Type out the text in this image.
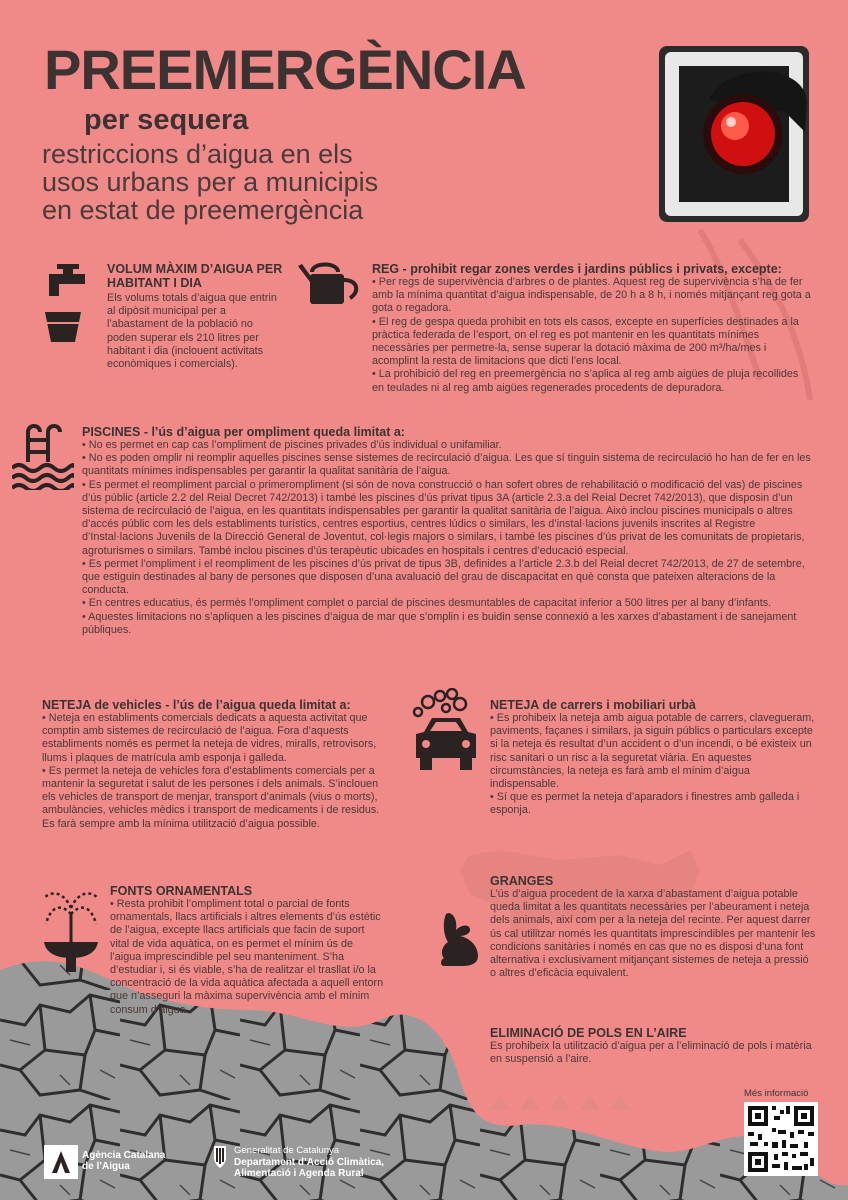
PREEMERGÈNCIA
per sequera
restriccions d’aigua en els
usos urbans per a municipis
en estat de preemergència
VOLUM MÀXIM D’AIGUA PER HABITANT I DIA
Els volums totals d’aigua que entrin al dipòsit municipal per a l’abastament de la població no poden superar els 210 litres per habitant i dia (inclouent activitats econòmiques i comercials).
REG - prohibit regar zones verdes i jardins públics i privats, excepte:

• Per regs de supervivència d’arbres o de plantes. Aquest reg de supervivència s’ha de fer amb la mínima quantitat d’aigua indispensable, de 20 h a 8 h, i només mitjançant reg gota a gota o regadora.

• El reg de gespa queda prohibit en tots els casos, excepte en superfícies destinades a la pràctica federada de l’esport, on el reg es pot mantenir en les quantitats mínimes necessàries per permetre-la, sense superar la dotació màxima de 200 m³/ha/mes i acomplint la resta de limitacions que dicti l’ens local.

• La prohibició del reg en preemergència no s’aplica al reg amb aigües de pluja recollides en teulades ni al reg amb aigües regenerades procedents de depuradora.

PISCINES - l’ús d’aigua per ompliment queda limitat a:

• No es permet en cap cas l’ompliment de piscines privades d’ús individual o unifamiliar.

• No es poden omplir ni reomplir aquelles piscines sense sistemes de recirculació d’aigua. Les que sí tinguin sistema de recirculació ho han de fer en les quantitats mínimes indispensables per garantir la qualitat sanitària de l’aigua.

• Es permet el reompliment parcial o primerompliment (si són de nova construcció o han sofert obres de rehabilitació o modificació del vas) de piscines d’ús públic (article 2.2 del Reial Decret 742/2013) i també les piscines d’ús privat tipus 3A (article 2.3.a del Reial Decret 742/2013), que disposin d’un sistema de recirculació de l’aigua, en les quantitats indispensables per garantir la qualitat sanitària de l’aigua. Això inclou piscines municipals o altres d’accés públic com les dels establiments turístics, centres esportius, centres lúdics o similars, les d’instal·lacions juvenils inscrites al Registre d’Instal·lacions Juvenils de la Direcció General de Joventut, col·legis majors o similars, i també les piscines d’ús privat de les comunitats de propietaris, agroturismes o similars. També inclou piscines d’ús terapèutic ubicades en hospitals i centres d’educació especial.

• Es permet l’ompliment i el reompliment de les piscines d’ús privat de tipus 3B, definides a l’article 2.3.b del Reial decret 742/2013, de 27 de setembre, que estiguin destinades al bany de persones que disposen d’una avaluació del grau de discapacitat en què consta que pateixen alteracions de la conducta.

• En centres educatius, és permès l’ompliment complet o parcial de piscines desmuntables de capacitat inferior a 500 litres per al bany d’infants.

• Aquestes limitacions no s’apliquen a les piscines d’aigua de mar que s’omplin i es buidin sense connexió a les xarxes d’abastament i de sanejament públiques.

NETEJA de vehicles - l’ús de l’aigua queda limitat a:

• Neteja en establiments comercials dedicats a aquesta activitat que comptin amb sistemes de recirculació de l’aigua. Fora d’aquests establiments només es permet la neteja de vidres, miralls, retrovisors, llums i plaques de matrícula amb esponja i galleda.

• Es permet la neteja de vehicles fora d’establiments comercials per a mantenir la seguretat i salut de les persones i dels animals. S’inclouen els vehicles de transport de menjar, transport d’animals (vius o morts), ambulàncies, vehicles mèdics i transport de medicaments i de residus. Es farà sempre amb la mínima utilització d’aigua possible.

NETEJA de carrers i mobiliari urbà

• Es prohibeix la neteja amb aigua potable de carrers, clavegueram, paviments, façanes i similars, ja siguin públics o particulars excepte si la neteja és resultat d’un accident o d’un incendi, o bé existeix un risc sanitari o un risc a la seguretat viària. En aquestes circumstàncies, la neteja es farà amb el mínim d’aigua indispensable.

• Sí que es permet la neteja d’aparadors i finestres amb galleda i esponja.

FONTS ORNAMENTALS
• Resta prohibit l’ompliment total o parcial de fonts ornamentals, llacs artificials i altres elements d’ús estètic de l’aigua, excepte llacs artificials que facin de suport vital de vida aquàtica, on es permet el mínim ús de l’aigua imprescindible pel seu manteniment. S’ha d’estudiar i, si és viable, s’ha de realitzar el trasllat i/o la concentració de la vida aquàtica afectada a aquell entorn que n’asseguri la màxima supervivència amb el mínim consum d’aigua.
GRANGES
L’ús d’aigua procedent de la xarxa d’abastament d’aigua potable queda limitat a les quantitats necessàries per l’abeurament i neteja dels animals, així com per a la neteja del recinte. Per aquest darrer ús cal utilitzar només les quantitats imprescindibles per mantenir les condicions sanitàries i només en cas que no es disposi d’una font alternativa i exclusivament mitjançant sistemes de neteja a pressió o altres d’eficàcia equivalent.
ELIMINACIÓ DE POLS EN L’AIRE
Es prohibeix la utilització d’aigua per a l’eliminació de pols i matèria en suspensió a l’aire.
Més informació
Agència Catalana
de l’Aigua
Generalitat de Catalunya
Departament d’Acció Climàtica,
Alimentació i Agenda Rural
